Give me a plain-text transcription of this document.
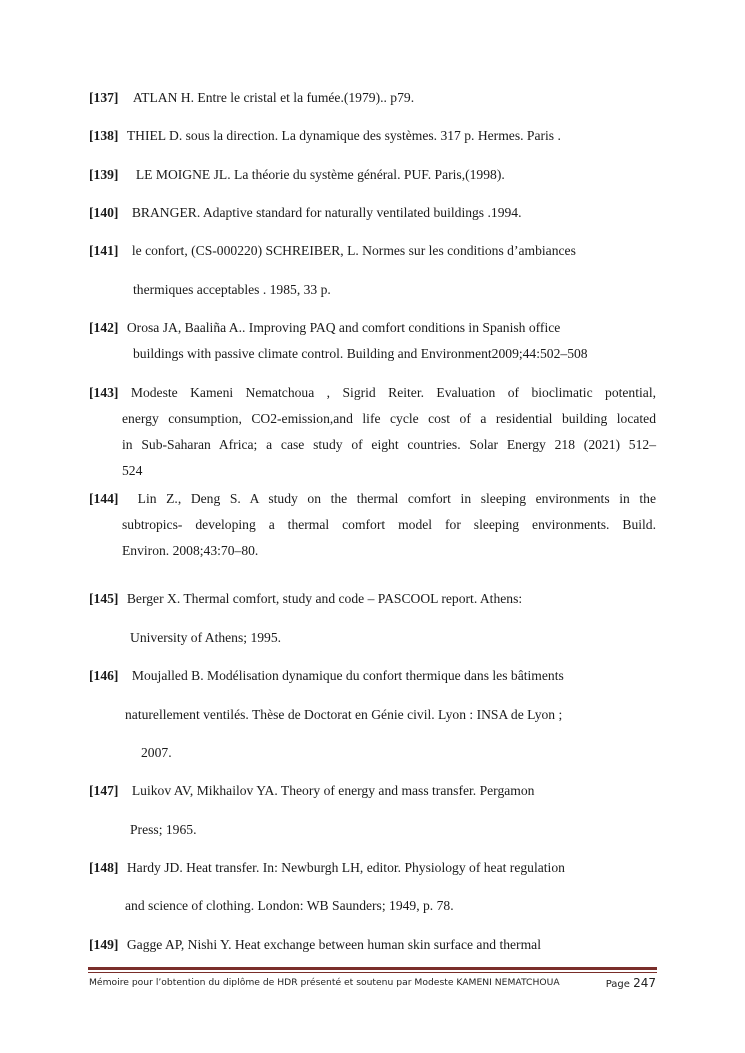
[137] ATLAN H. Entre le cristal et la fumée.(1979).. p79.
[138] THIEL D. sous la direction. La dynamique des systèmes. 317 p. Hermes. Paris .
[139] LE MOIGNE JL. La théorie du système général. PUF. Paris,(1998).
[140] BRANGER. Adaptive standard for naturally ventilated buildings .1994.
[141] le confort, (CS-000220) SCHREIBER, L. Normes sur les conditions d’ambiances
thermiques acceptables . 1985, 33 p.
[142] Orosa JA, Baaliña A.. Improving PAQ and comfort conditions in Spanish office
buildings with passive climate control. Building and Environment2009;44:502–508
[143] Modeste Kameni Nematchoua , Sigrid Reiter. Evaluation of bioclimatic potential,
energy consumption, CO2-emission,and life cycle cost of a residential building located
in Sub-Saharan Africa; a case study of eight countries. Solar Energy 218 (2021) 512–
524
[144] Lin Z., Deng S. A study on the thermal comfort in sleeping environments in the
subtropics- developing a thermal comfort model for sleeping environments. Build.
Environ. 2008;43:70–80.
[145] Berger X. Thermal comfort, study and code – PASCOOL report. Athens:
University of Athens; 1995.
[146] Moujalled B. Modélisation dynamique du confort thermique dans les bâtiments
naturellement ventilés. Thèse de Doctorat en Génie civil. Lyon : INSA de Lyon ;
2007.
[147] Luikov AV, Mikhailov YA. Theory of energy and mass transfer. Pergamon
Press; 1965.
[148] Hardy JD. Heat transfer. In: Newburgh LH, editor. Physiology of heat regulation
and science of clothing. London: WB Saunders; 1949, p. 78.
[149] Gagge AP, Nishi Y. Heat exchange between human skin surface and thermal
Mémoire pour l’obtention du diplôme de HDR présenté et soutenu par Modeste KAMENI NEMATCHOUA	Page 247
